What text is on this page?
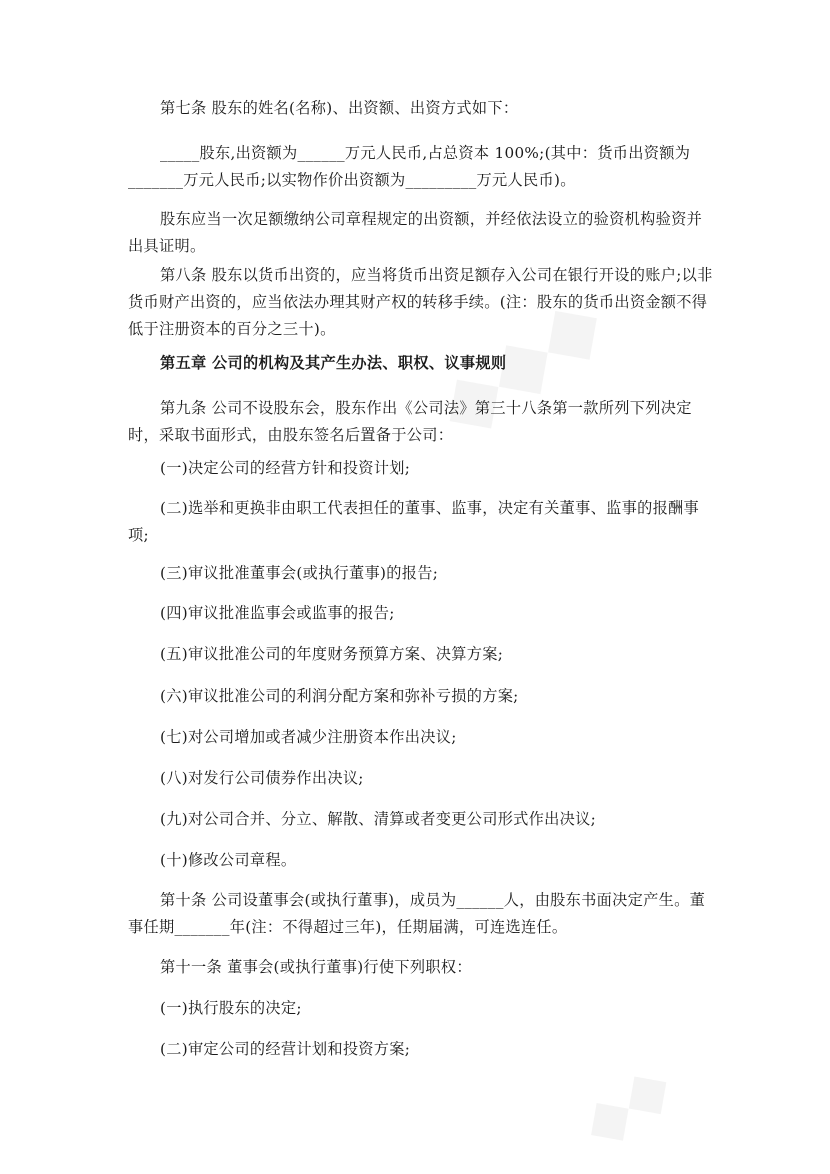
第七条 股东的姓名(名称)、出资额、出资方式如下：

_____股东,出资额为______万元人民币,占总资本 100%;(其中：货币出资额为_______万元人民币;以实物作价出资额为_________万元人民币)。

股东应当一次足额缴纳公司章程规定的出资额，并经依法设立的验资机构验资并出具证明。

第八条 股东以货币出资的，应当将货币出资足额存入公司在银行开设的账户;以非货币财产出资的，应当依法办理其财产权的转移手续。(注：股东的货币出资金额不得低于注册资本的百分之三十)。

第五章 公司的机构及其产生办法、职权、议事规则

第九条 公司不设股东会，股东作出《公司法》第三十八条第一款所列下列决定时，采取书面形式，由股东签名后置备于公司：

(一)决定公司的经营方针和投资计划;

(二)选举和更换非由职工代表担任的董事、监事，决定有关董事、监事的报酬事项;

(三)审议批准董事会(或执行董事)的报告;

(四)审议批准监事会或监事的报告;

(五)审议批准公司的年度财务预算方案、决算方案;

(六)审议批准公司的利润分配方案和弥补亏损的方案;

(七)对公司增加或者减少注册资本作出决议;

(八)对发行公司债券作出决议;

(九)对公司合并、分立、解散、清算或者变更公司形式作出决议;

(十)修改公司章程。

第十条 公司设董事会(或执行董事)，成员为______人，由股东书面决定产生。董事任期_______年(注：不得超过三年)，任期届满，可连选连任。

第十一条 董事会(或执行董事)行使下列职权：

(一)执行股东的决定;

(二)审定公司的经营计划和投资方案;
